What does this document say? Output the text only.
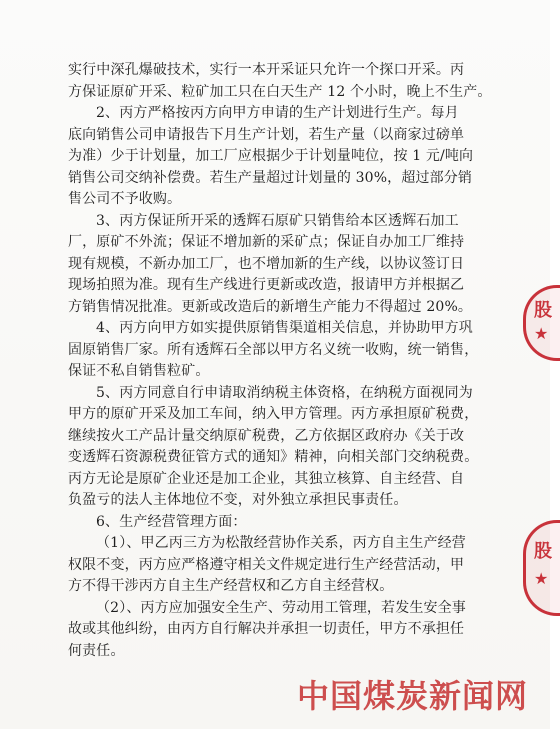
实行中深孔爆破技术，实行一本开采证只允许一个探口开采。丙
方保证原矿开采、粒矿加工只在白天生产 12 个小时，晚上不生产。
2、丙方严格按丙方向甲方申请的生产计划进行生产。每月
底向销售公司申请报告下月生产计划，若生产量（以商家过磅单
为准）少于计划量，加工厂应根据少于计划量吨位，按 1 元/吨向
销售公司交纳补偿费。若生产量超过计划量的 30%，超过部分销
售公司不予收购。
3、丙方保证所开采的透辉石原矿只销售给本区透辉石加工
厂，原矿不外流；保证不增加新的采矿点；保证自办加工厂维持
现有规模，不新办加工厂，也不增加新的生产线，以协议签订日
现场拍照为准。现有生产线进行更新或改造，报请甲方并根据乙
方销售情况批准。更新或改造后的新增生产能力不得超过 20%。
4、丙方向甲方如实提供原销售渠道相关信息，并协助甲方巩
固原销售厂家。所有透辉石全部以甲方名义统一收购，统一销售，
保证不私自销售粒矿。
5、丙方同意自行申请取消纳税主体资格，在纳税方面视同为
甲方的原矿开采及加工车间，纳入甲方管理。丙方承担原矿税费，
继续按火工产品计量交纳原矿税费，乙方依据区政府办《关于改
变透辉石资源税费征管方式的通知》精神，向相关部门交纳税费。
丙方无论是原矿企业还是加工企业，其独立核算、自主经营、自
负盈亏的法人主体地位不变，对外独立承担民事责任。
6、生产经营管理方面：
（1）、甲乙丙三方为松散经营协作关系，丙方自主生产经营
权限不变，丙方应严格遵守相关文件规定进行生产经营活动，甲
方不得干涉丙方自主生产经营权和乙方自主经营权。
（2）、丙方应加强安全生产、劳动用工管理，若发生安全事
故或其他纠纷，由丙方自行解决并承担一切责任，甲方不承担任
何责任。
股
★
股
★
中国煤炭新闻网
